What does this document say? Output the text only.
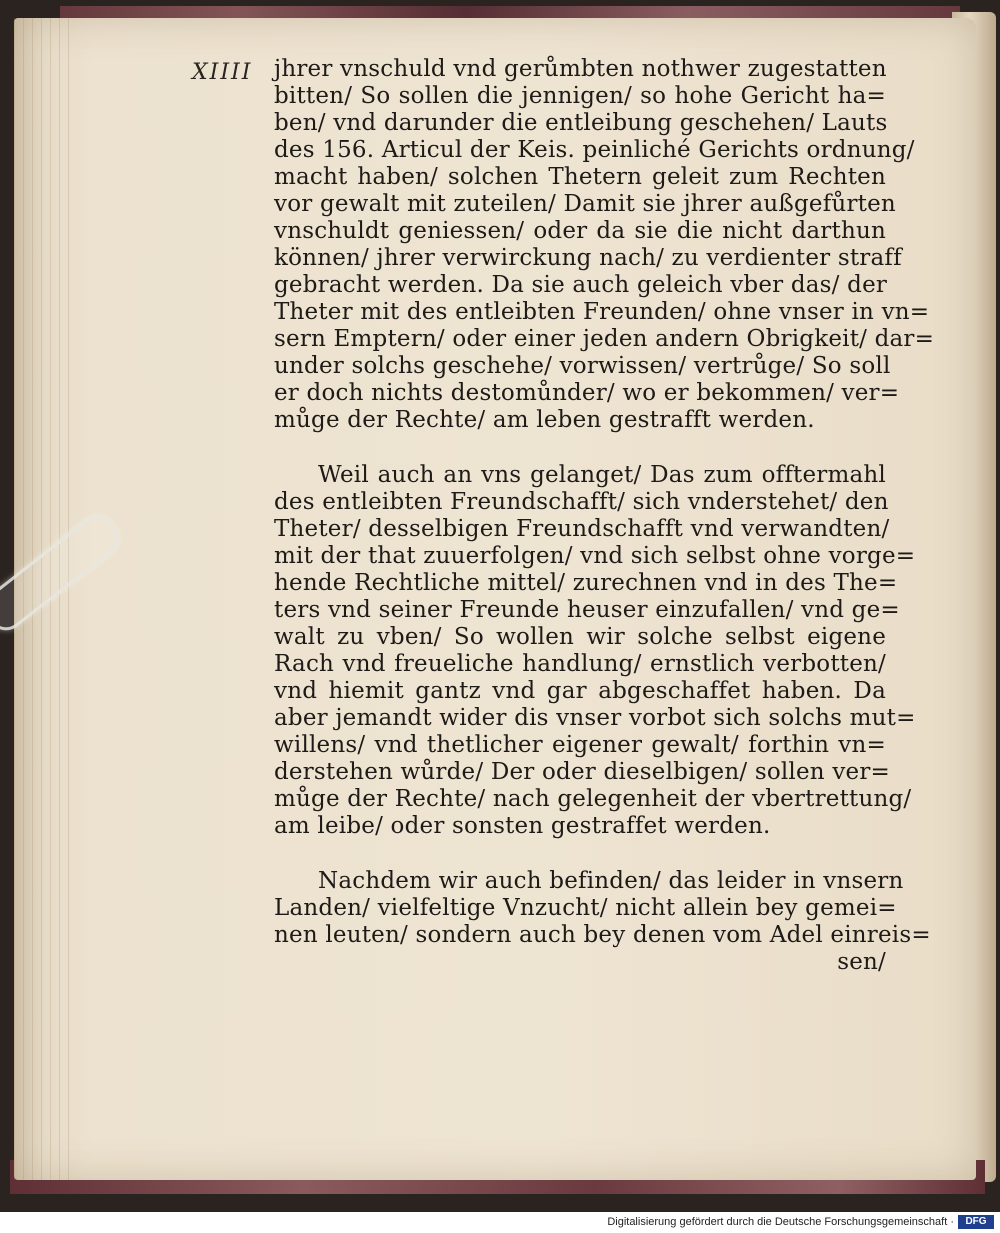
XIIII jhrer vnschuld vnd gerůmbten nothwer zugestatten
bitten/ So sollen die jennigen/ so hohe Gericht ha=
ben/ vnd darunder die entleibung geschehen/ Lauts
des 156. Articul der Keis. peinliché Gerichts ordnung/
macht haben/ solchen Thetern geleit zum Rechten
vor gewalt mit zuteilen/ Damit sie jhrer außgefůrten
vnschuldt geniessen/ oder da sie die nicht darthun
können/ jhrer verwirckung nach/ zu verdienter straff
gebracht werden. Da sie auch geleich vber das/ der
Theter mit des entleibten Freunden/ ohne vnser in vn=
sern Emptern/ oder einer jeden andern Obrigkeit/ dar=
under solchs geschehe/ vorwissen/ vertrůge/ So soll
er doch nichts destomůnder/ wo er bekommen/ ver=
můge der Rechte/ am leben gestrafft werden.
Weil auch an vns gelanget/ Das zum offtermahl
des entleibten Freundschafft/ sich vnderstehet/ den
Theter/ desselbigen Freundschafft vnd verwandten/
mit der that zuuerfolgen/ vnd sich selbst ohne vorge=
hende Rechtliche mittel/ zurechnen vnd in des The=
ters vnd seiner Freunde heuser einzufallen/ vnd ge=
walt zu vben/ So wollen wir solche selbst eigene
Rach vnd freueliche handlung/ ernstlich verbotten/
vnd hiemit gantz vnd gar abgeschaffet haben. Da
aber jemandt wider dis vnser vorbot sich solchs mut=
willens/ vnd thetlicher eigener gewalt/ forthin vn=
derstehen wůrde/ Der oder dieselbigen/ sollen ver=
můge der Rechte/ nach gelegenheit der vbertrettung/
am leibe/ oder sonsten gestraffet werden.
Nachdem wir auch befinden/ das leider in vnsern
Landen/ vielfeltige Vnzucht/ nicht allein bey gemei=
nen leuten/ sondern auch bey denen vom Adel einreis=
sen/
Digitalisierung gefördert durch die Deutsche Forschungsgemeinschaft ·	DFG
